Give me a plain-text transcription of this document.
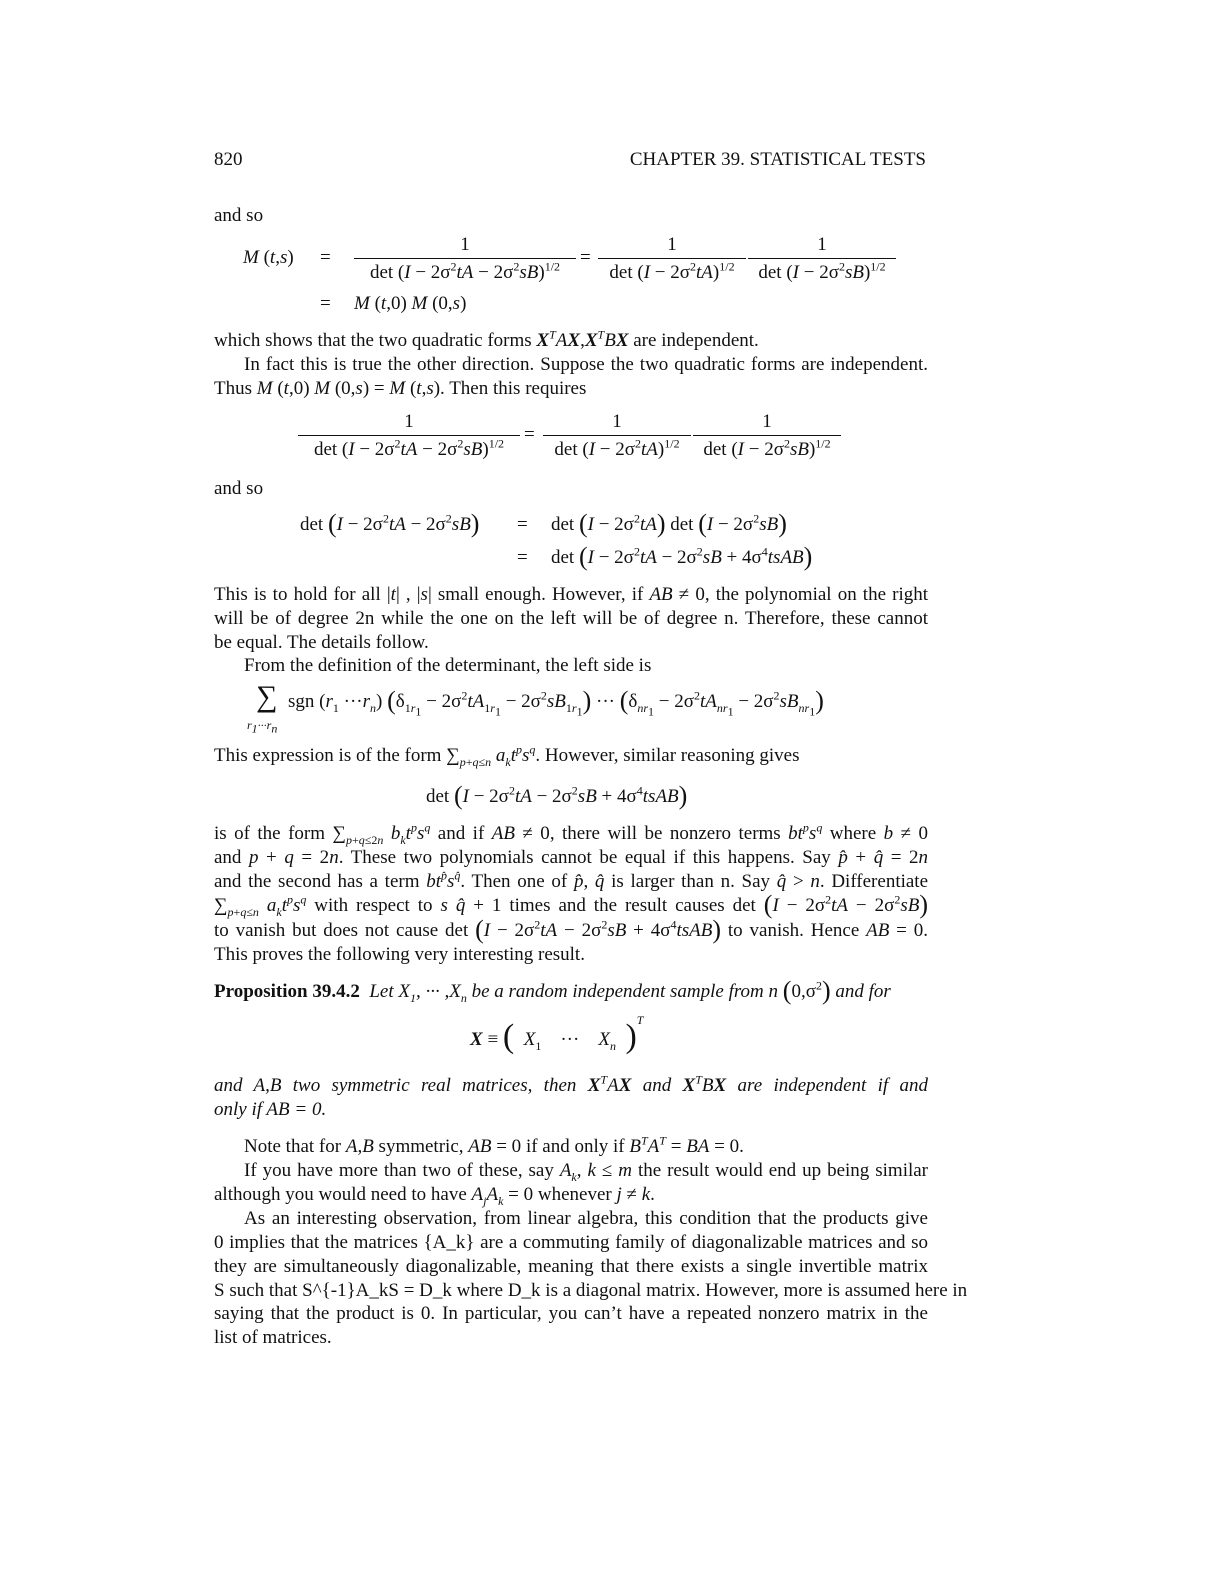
820	CHAPTER 39. STATISTICAL TESTS
and so
M (t,s) =
1
$\det (I - 2\sigma^2tA - 2\sigma^2sB)^{1/2}$	=
1
$\det (I - 2\sigma^2tA)^{1/2}$
1
$\det (I - 2\sigma^2sB)^{1/2}$
= M (t,0) M (0,s)
which shows that the two quadratic forms $X^TAX,X^TBX$ are independent.
In fact this is true the other direction. Suppose the two quadratic forms are independent.
Thus M (t,0) M (0,s) = M (t,s). Then this requires
1
$\det (I - 2\sigma^2tA - 2\sigma^2sB)^{1/2}$	=
1
$\det (I - 2\sigma^2tA)^{1/2}$
1
$\det (I - 2\sigma^2sB)^{1/2}$
and so
$\det (I - 2\sigma^2tA - 2\sigma^2sB) = \det (I - 2\sigma^2tA)$ $\det (I - 2\sigma^2sB)$
= $\det (I - 2\sigma^2tA - 2\sigma^2sB$ + $4\sigma^4tsAB$)
This is to hold for all |t| , |s| small enough. However, if AB ≠ 0, the polynomial on the right
will be of degree 2n while the one on the left will be of degree n. Therefore, these cannot
be equal. The details follow.
From the definition of the determinant, the left side is
∑
$r_1\cdot\cdot\cdot r_n$
sgn $(r_1 \cdot\cdot\cdot r_n) (\delta_{1r_1} - 2\sigma^2tA_{1r_1} - 2\sigma^2sB_{1r_1})$ ··· $(\delta_{nr_1} - 2\sigma^2tA_{nr_1} - 2\sigma^2sB_{nr_1})$
This expression is of the form $\sum_{p+q\le n}$ $a_kt^ps^q$. However, similar reasoning gives
$\det (I - 2\sigma^2tA - 2\sigma^2sB$ + $4\sigma^4tsAB$)
is of the form $\sum_{p+q\le 2n}$ $b_kt^ps^q$ and if AB ≠ 0, there will be nonzero terms $bt^ps^q$ where b ≠ 0
and p + q = 2n. These two polynomials cannot be equal if this happens. Say p̂ + q̂ = 2n
and the second has a term $bt^{p̂}s^{q̂}$. Then one of p̂, q̂ is larger than n. Say q̂ > n. Differentiate
$\sum_{p+q\le n}$ $a_kt^ps^q$ with respect to s q̂ + 1 times and the result causes $\det (I - 2\sigma^2tA - 2\sigma^2sB)$
to vanish but does not cause $\det (I - 2\sigma^2tA - 2\sigma^2sB$ + $4\sigma^4tsAB$) to vanish. Hence AB = 0.
This proves the following very interesting result.
Proposition 39.4.2 Let $X_1$, ··· $,X_n$ be a random independent sample from n $(0,\sigma^2)$ and for
X ≡ ( $X_1$    ···    $X_n$ )$^T$
and A,B two symmetric real matrices, then $X^TAX$ and $X^TBX$ are independent if and
only if AB = 0.
Note that for A,B symmetric, AB = 0 if and only if $B^TA^T$ = BA = 0.
If you have more than two of these, say $A_k$, k ≤ m the result would end up being similar
although you would need to have $A_jA_k = 0$ whenever j ≠ k.
As an interesting observation, from linear algebra, this condition that the products give
0 implies that the matrices {A_k} are a commuting family of diagonalizable matrices and so
they are simultaneously diagonalizable, meaning that there exists a single invertible matrix
S such that S^{-1}A_kS = D_k where D_k is a diagonal matrix. However, more is assumed here in
saying that the product is 0. In particular, you can’t have a repeated nonzero matrix in the
list of matrices.
